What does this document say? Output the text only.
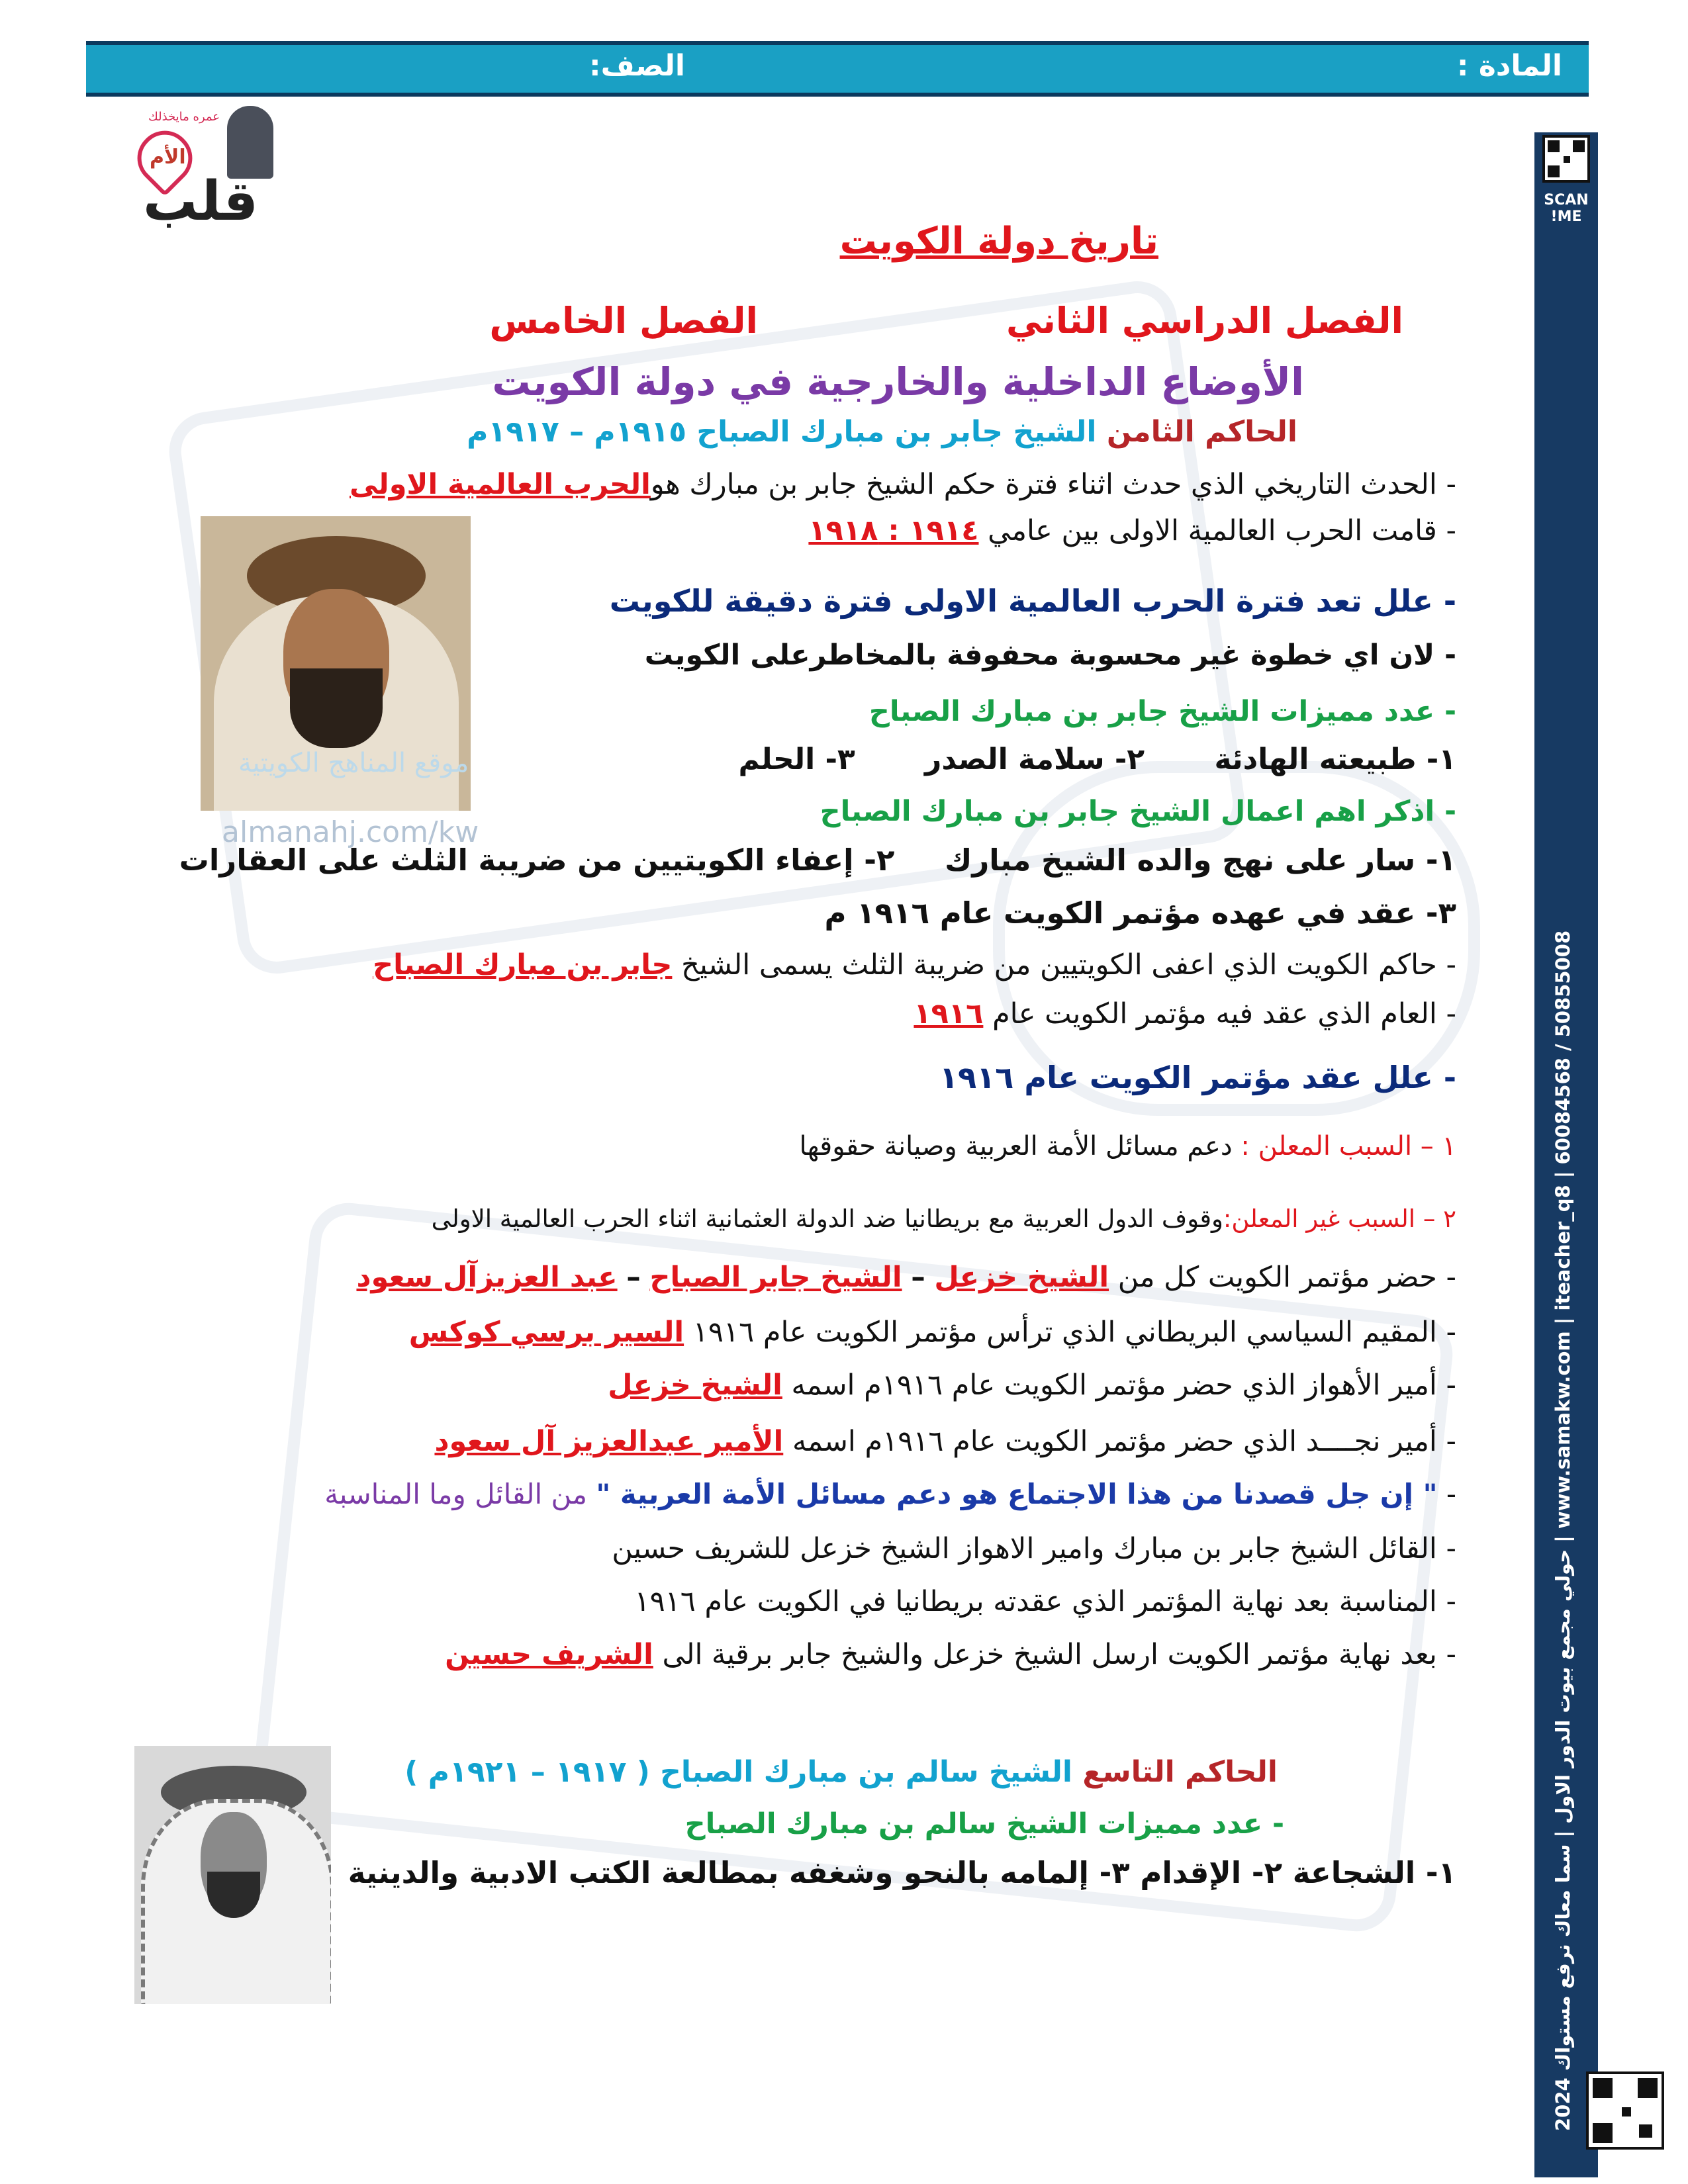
المادة :
الصف:
SCAN ME!
www.samakw.com | iteacher_q8 | 60084568 / 50855008 | حولي مجمع بيوت الدور الاول | سما معاك نرفع مستواك 2024
عمره مايخذلك
الأم
قلب
موقع المناهج الكويتية
almanahj.com/kw
تاريخ دولة الكويت
الفصل الدراسي الثاني
الفصل الخامس
الأوضاع الداخلية والخارجية في دولة الكويت
الحاكم الثامن الشيخ جابر بن مبارك الصباح ١٩١٥م – ١٩١٧م
- الحدث التاريخي الذي حدث اثناء فترة حكم الشيخ جابر بن مبارك هوالحرب العالمية الاولى
- قامت الحرب العالمية الاولى بين عامي ١٩١٤ : ١٩١٨
- علل تعد فترة الحرب العالمية الاولى فترة دقيقة للكويت
- لان اي خطوة غير محسوبة محفوفة بالمخاطرعلى الكويت
- عدد مميزات الشيخ جابر بن مبارك الصباح
١- طبيعته الهادئة ٢- سلامة الصدر ٣- الحلم
- اذكر اهم اعمال الشيخ جابر بن مبارك الصباح
١- سار على نهج والده الشيخ مبارك ٢- إعفاء الكويتيين من ضريبة الثلث على العقارات
٣- عقد في عهده مؤتمر الكويت عام ١٩١٦ م
- حاكم الكويت الذي اعفى الكويتيين من ضريبة الثلث يسمى الشيخ جابر بن مبارك الصباح
- العام الذي عقد فيه مؤتمر الكويت عام ١٩١٦
- علل عقد مؤتمر الكويت عام ١٩١٦
١ – السبب المعلن : دعم مسائل الأمة العربية وصيانة حقوقها
٢ – السبب غير المعلن:وقوف الدول العربية مع بريطانيا ضد الدولة العثمانية اثناء الحرب العالمية الاولى
- حضر مؤتمر الكويت كل من الشيخ خزعل – الشيخ جابر الصباح – عبد العزيزآل سعود
- المقيم السياسي البريطاني الذي ترأس مؤتمر الكويت عام ١٩١٦ السير برسي كوكس
- أمير الأهواز الذي حضر مؤتمر الكويت عام ١٩١٦م اسمه الشيخ خزعل
- أمير نجــــد الذي حضر مؤتمر الكويت عام ١٩١٦م اسمه الأمير عبدالعزيز آل سعود
- " إن جل قصدنا من هذا الاجتماع هو دعم مسائل الأمة العربية " من القائل وما المناسبة
- القائل الشيخ جابر بن مبارك وامير الاهواز الشيخ خزعل للشريف حسين
- المناسبة بعد نهاية المؤتمر الذي عقدته بريطانيا في الكويت عام ١٩١٦
- بعد نهاية مؤتمر الكويت ارسل الشيخ خزعل والشيخ جابر برقية الى الشريف حسين
الحاكم التاسع الشيخ سالم بن مبارك الصباح ( ١٩١٧ – ١٩٢١م )
- عدد مميزات الشيخ سالم بن مبارك الصباح
١- الشجاعة ٢- الإقدام ٣- إلمامه بالنحو وشغفه بمطالعة الكتب الادبية والدينية
